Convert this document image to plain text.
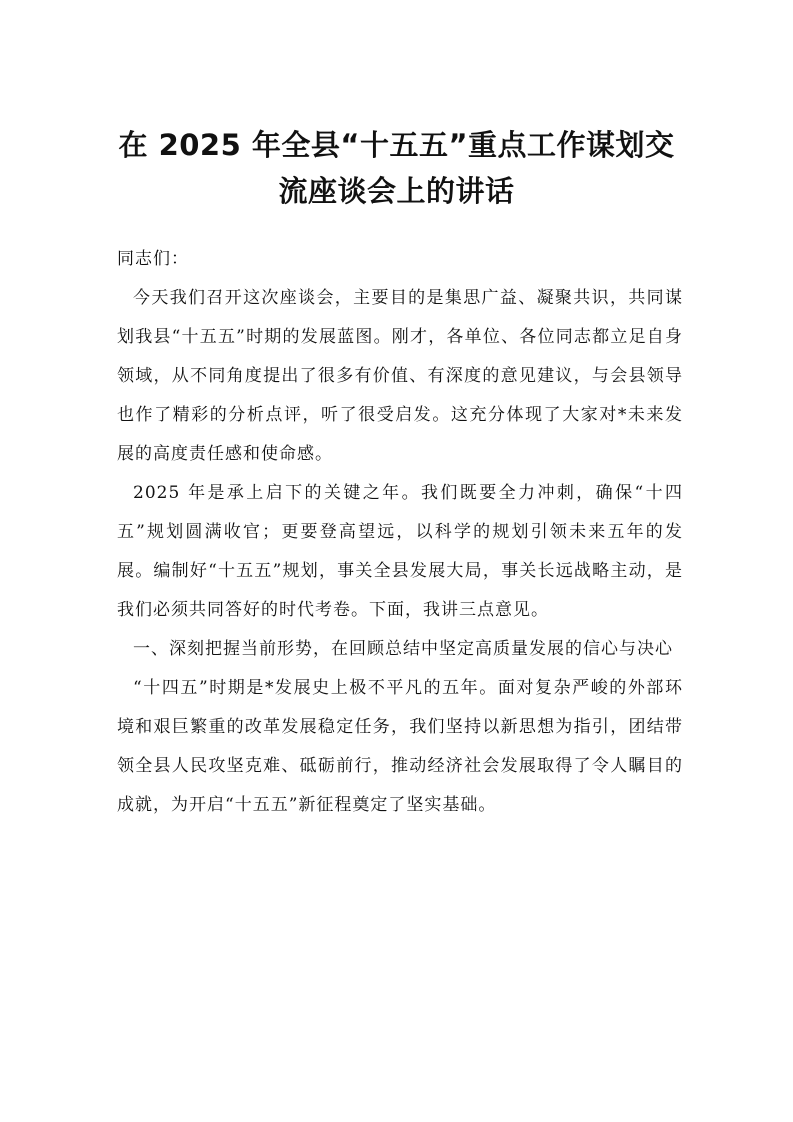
在 2025 年全县“十五五”重点工作谋划交
流座谈会上的讲话

同志们：

今天我们召开这次座谈会，主要目的是集思广益、凝聚共识，共同谋划我县“十五五”时期的发展蓝图。刚才，各单位、各位同志都立足自身领域，从不同角度提出了很多有价值、有深度的意见建议，与会县领导也作了精彩的分析点评，听了很受启发。这充分体现了大家对*未来发展的高度责任感和使命感。

2025 年是承上启下的关键之年。我们既要全力冲刺，确保“十四五”规划圆满收官；更要登高望远，以科学的规划引领未来五年的发展。编制好“十五五”规划，事关全县发展大局，事关长远战略主动，是我们必须共同答好的时代考卷。下面，我讲三点意见。

一、深刻把握当前形势，在回顾总结中坚定高质量发展的信心与决心

“十四五”时期是*发展史上极不平凡的五年。面对复杂严峻的外部环境和艰巨繁重的改革发展稳定任务，我们坚持以新思想为指引，团结带领全县人民攻坚克难、砥砺前行，推动经济社会发展取得了令人瞩目的成就，为开启“十五五”新征程奠定了坚实基础。
